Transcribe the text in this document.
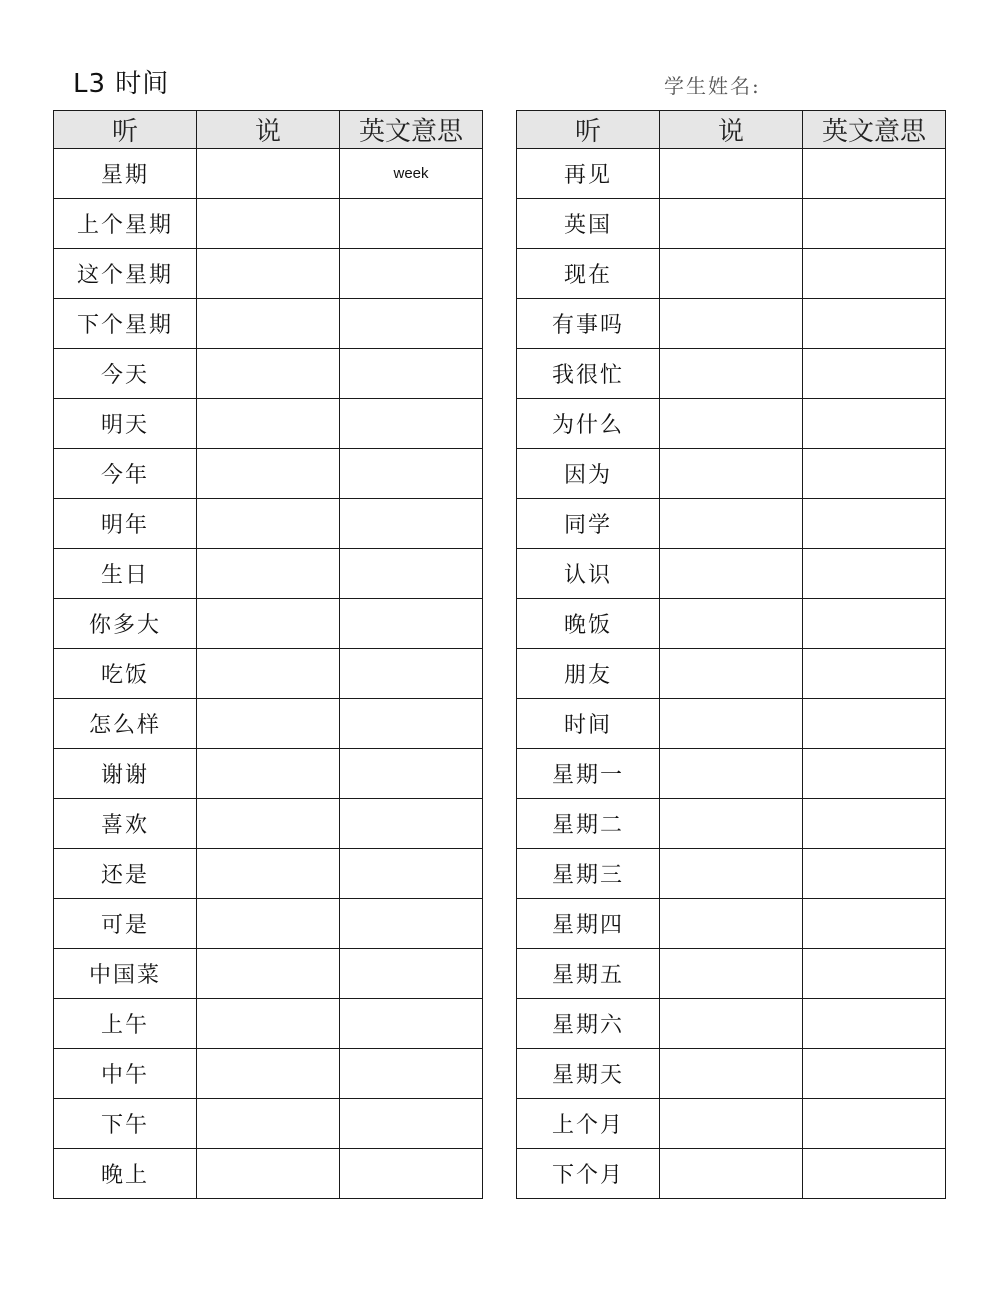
L3 时间	学生姓名:
听	说	英文意思
星期		week
上个星期		
这个星期		
下个星期		
今天		
明天		
今年		
明年		
生日		
你多大		
吃饭		
怎么样		
谢谢		
喜欢		
还是		
可是		
中国菜		
上午		
中午		
下午		
晚上		
听	说	英文意思
再见		
英国		
现在		
有事吗		
我很忙		
为什么		
因为		
同学		
认识		
晚饭		
朋友		
时间		
星期一		
星期二		
星期三		
星期四		
星期五		
星期六		
星期天		
上个月		
下个月		
